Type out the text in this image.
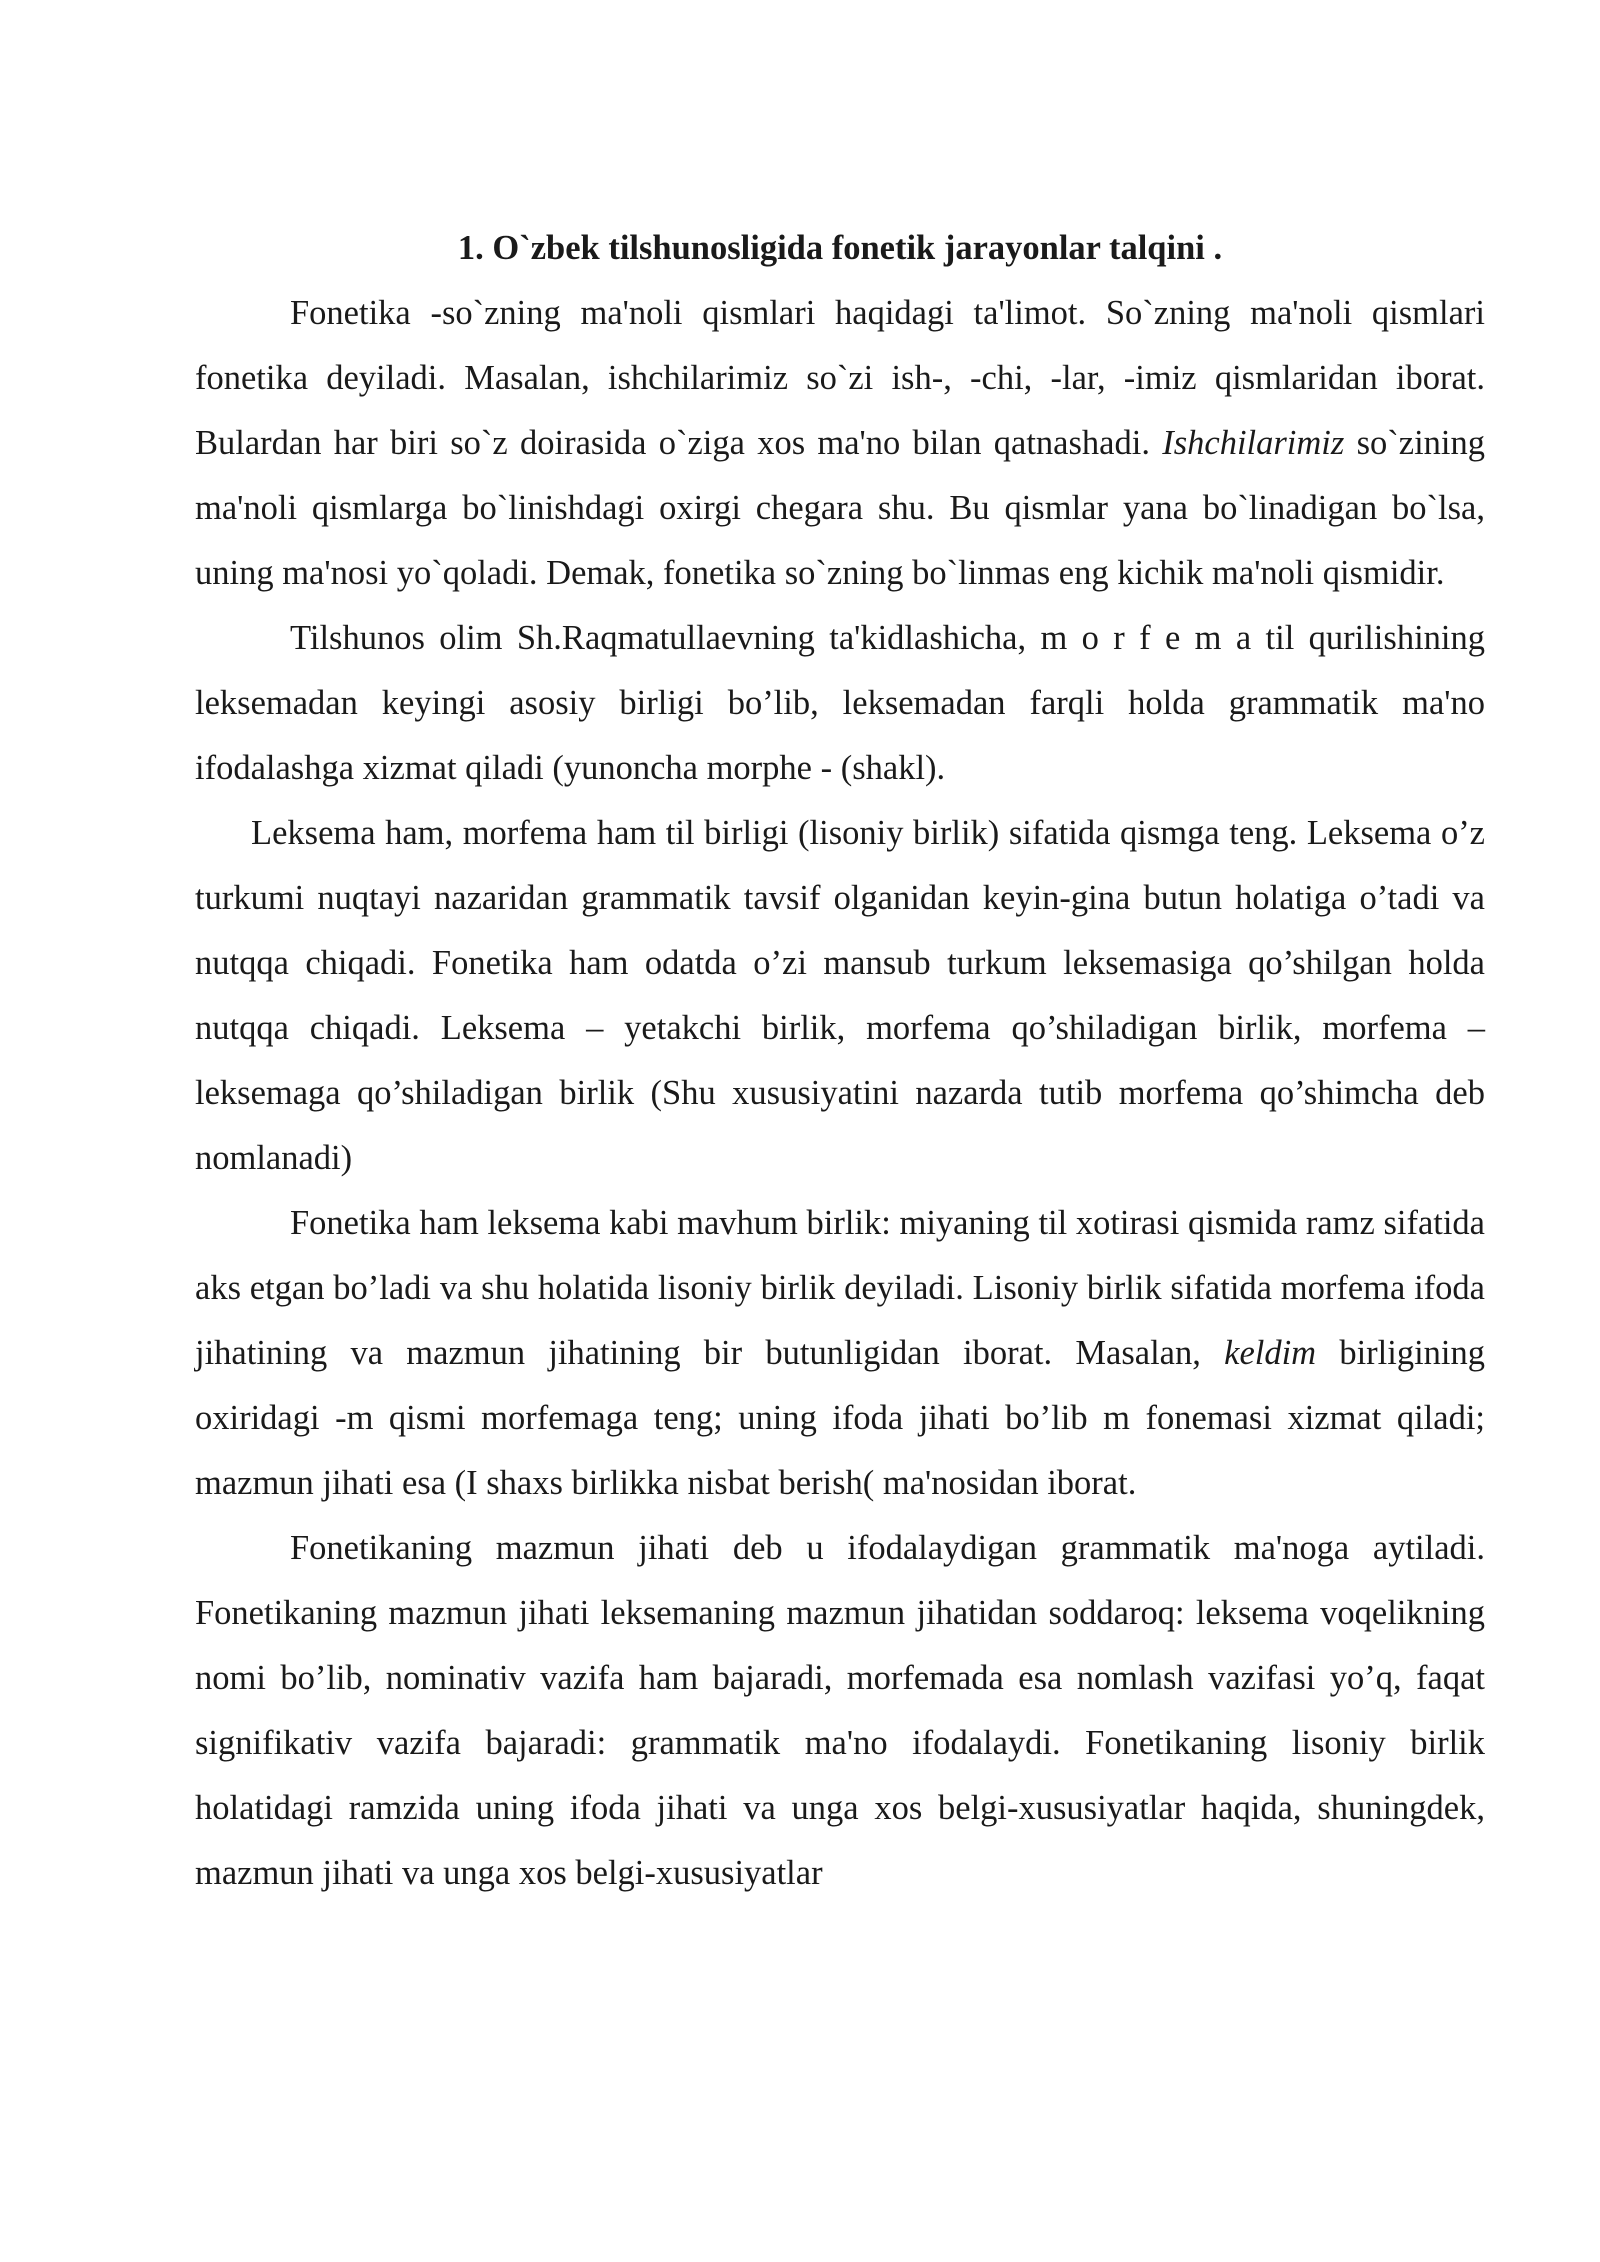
1. O`zbek tilshunosligida fonetik jarayonlar talqini .

Fonetika -so`zning ma'noli qismlari haqidagi ta'limot. So`zning ma'noli qismlari fonetika deyiladi. Masalan, ishchilarimiz so`zi ish-, -chi, -lar, -imiz qismlaridan iborat. Bulardan har biri so`z doirasida o`ziga xos ma'no bilan qatnashadi. Ishchilarimiz so`zining ma'noli qismlarga bo`linishdagi oxirgi chegara shu. Bu qismlar yana bo`linadigan bo`lsa, uning ma'nosi yo`qoladi. Demak, fonetika so`zning bo`linmas eng kichik ma'noli qismidir.

Tilshunos olim Sh.Raqmatullaevning ta'kidlashicha, m o r f e m a til qurilishining leksemadan keyingi asosiy birligi bo’lib, leksemadan farqli holda grammatik ma'no ifodalashga xizmat qiladi (yunoncha morphe - (shakl).

Leksema ham, morfema ham til birligi (lisoniy birlik) sifatida qismga teng. Leksema o’z turkumi nuqtayi nazaridan grammatik tavsif olganidan keyin-gina butun holatiga o’tadi va nutqqa chiqadi. Fonetika ham odatda o’zi mansub turkum leksemasiga qo’shilgan holda nutqqa chiqadi. Leksema – yetakchi birlik, morfema qo’shiladigan birlik, morfema – leksemaga qo’shiladigan birlik (Shu xususiyatini nazarda tutib morfema qo’shimcha deb nomlanadi)

Fonetika ham leksema kabi mavhum birlik: miyaning til xotirasi qismida ramz sifatida aks etgan bo’ladi va shu holatida lisoniy birlik deyiladi. Lisoniy birlik sifatida morfema ifoda jihatining va mazmun jihatining bir butunligidan iborat. Masalan, keldim birligining oxiridagi -m qismi morfemaga teng; uning ifoda jihati bo’lib m fonemasi xizmat qiladi; mazmun jihati esa (I shaxs birlikka nisbat berish( ma'nosidan iborat.

Fonetikaning mazmun jihati deb u ifodalaydigan grammatik ma'noga aytiladi. Fonetikaning mazmun jihati leksemaning mazmun jihatidan soddaroq: leksema voqelikning nomi bo’lib, nominativ vazifa ham bajaradi, morfemada esa nomlash vazifasi yo’q, faqat signifikativ vazifa bajaradi: grammatik ma'no ifodalaydi. Fonetikaning lisoniy birlik holatidagi ramzida uning ifoda jihati va unga xos belgi-xususiyatlar haqida, shuningdek, mazmun jihati va unga xos belgi-xususiyatlar
